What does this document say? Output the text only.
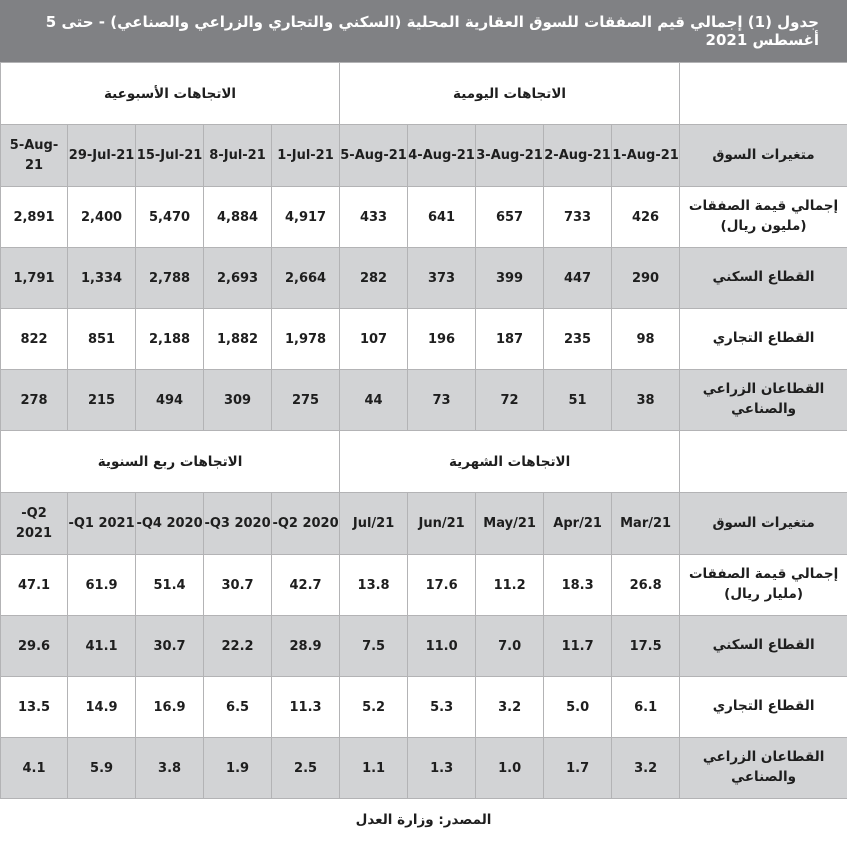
جدول (1) إجمالي قيم الصفقات للسوق العقارية المحلية (السكني والتجاري والزراعي والصناعي) - حتى 5 أغسطس 2021
	الاتجاهات اليومية					الاتجاهات الأسبوعية				
متغيرات السوق	1-Aug-21	2-Aug-21	3-Aug-21	4-Aug-21	5-Aug-21	1-Jul-21	8-Jul-21	15-Jul-21	29-Jul-21	5-Aug-21
إجمالي قيمة الصفقات (مليون ريال)	426	733	657	641	433	4,917	4,884	5,470	2,400	2,891
القطاع السكني	290	447	399	373	282	2,664	2,693	2,788	1,334	1,791
القطاع التجاري	98	235	187	196	107	1,978	1,882	2,188	851	822
القطاعان الزراعي والصناعي	38	51	72	73	44	275	309	494	215	278
	الاتجاهات الشهرية					الاتجاهات ربع السنوية				
متغيرات السوق	Mar/21	Apr/21	May/21	Jun/21	Jul/21	-Q2 2020	-Q3 2020	-Q4 2020	-Q1 2021	-Q2 2021
إجمالي قيمة الصفقات (مليار ريال)	26.8	18.3	11.2	17.6	13.8	42.7	30.7	51.4	61.9	47.1
القطاع السكني	17.5	11.7	7.0	11.0	7.5	28.9	22.2	30.7	41.1	29.6
القطاع التجاري	6.1	5.0	3.2	5.3	5.2	11.3	6.5	16.9	14.9	13.5
القطاعان الزراعي والصناعي	3.2	1.7	1.0	1.3	1.1	2.5	1.9	3.8	5.9	4.1
المصدر: وزارة العدل
